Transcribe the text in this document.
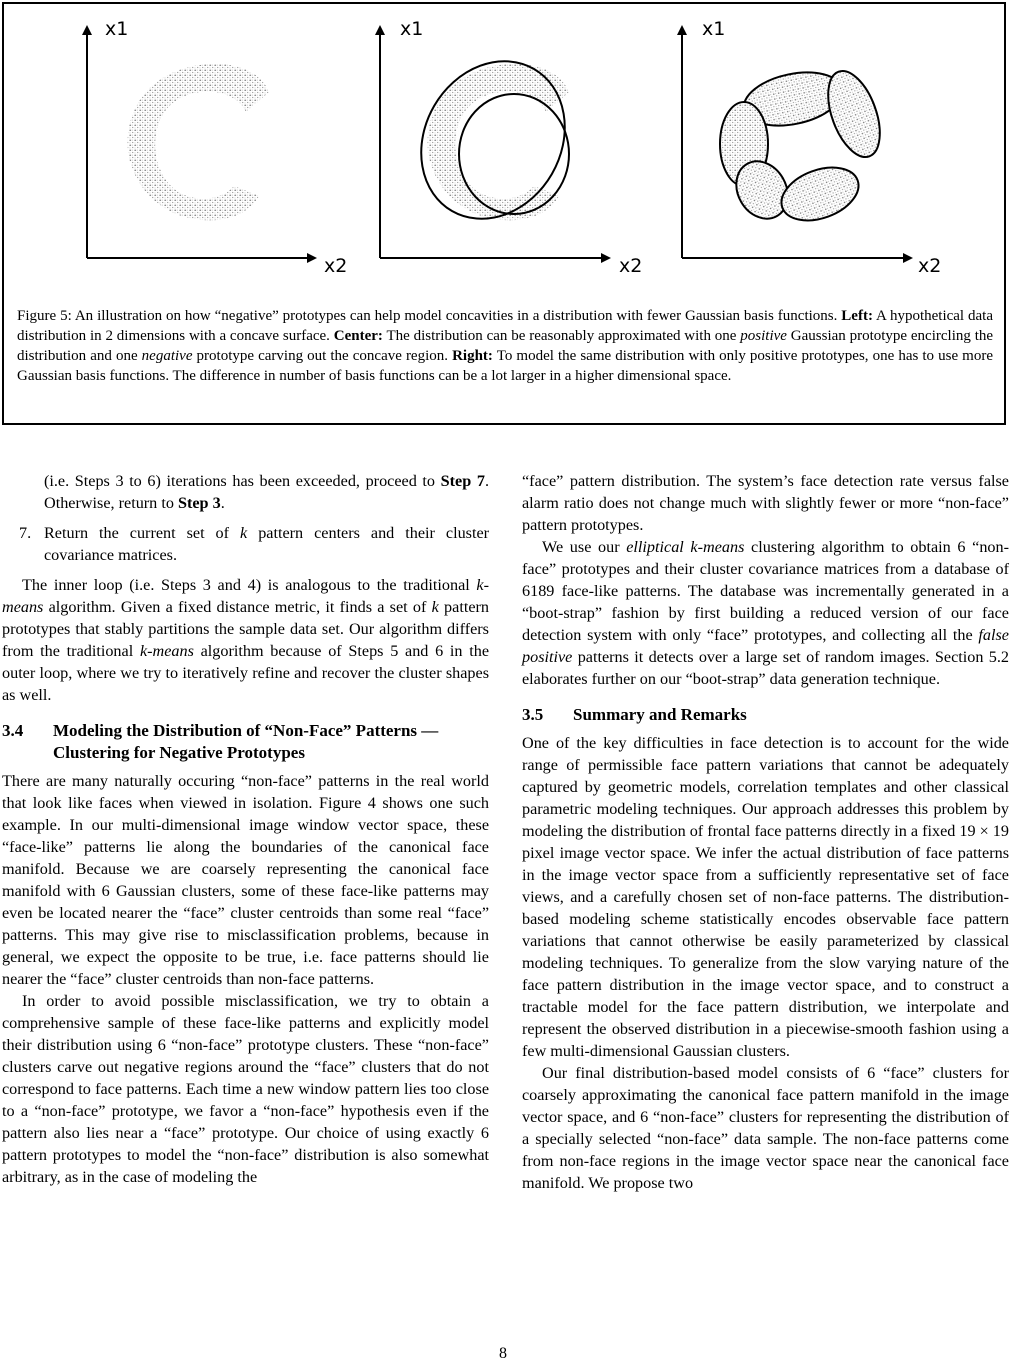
x1
x2
x1
x2
x1
x2

Figure 5: An illustration on how “negative” prototypes can help model concavities in a distribution with fewer Gaussian basis functions. Left: A hypothetical data distribution in 2 dimensions with a concave surface. Center: The distribution can be reasonably approximated with one positive Gaussian prototype encircling the distribution and one negative prototype carving out the concave region. Right: To model the same distribution with only positive prototypes, one has to use more Gaussian basis functions. The difference in number of basis functions can be a lot larger in a higher dimensional space.

(i.e. Steps 3 to 6) iterations has been exceeded, proceed to Step 7. Otherwise, return to Step 3.

7. Return the current set of k pattern centers and their cluster covariance matrices.

The inner loop (i.e. Steps 3 and 4) is analogous to the traditional k-means algorithm. Given a fixed distance metric, it finds a set of k pattern prototypes that stably partitions the sample data set. Our algorithm differs from the traditional k-means algorithm because of Steps 5 and 6 in the outer loop, where we try to iteratively refine and recover the cluster shapes as well.

3.4	Modeling the Distribution of “Non-Face” Patterns — Clustering for Negative Prototypes

There are many naturally occuring “non-face” patterns in the real world that look like faces when viewed in isolation. Figure 4 shows one such example. In our multi-dimensional image window vector space, these “face-like” patterns lie along the boundaries of the canonical face manifold. Because we are coarsely representing the canonical face manifold with 6 Gaussian clusters, some of these face-like patterns may even be located nearer the “face” cluster centroids than some real “face” patterns. This may give rise to misclassification problems, because in general, we expect the opposite to be true, i.e. face patterns should lie nearer the “face” cluster centroids than non-face patterns.

In order to avoid possible misclassification, we try to obtain a comprehensive sample of these face-like patterns and explicitly model their distribution using 6 “non-face” prototype clusters. These “non-face” clusters carve out negative regions around the “face” clusters that do not correspond to face patterns. Each time a new window pattern lies too close to a “non-face” prototype, we favor a “non-face” hypothesis even if the pattern also lies near a “face” prototype. Our choice of using exactly 6 pattern prototypes to model the “non-face” distribution is also somewhat arbitrary, as in the case of modeling the

“face” pattern distribution. The system’s face detection rate versus false alarm ratio does not change much with slightly fewer or more “non-face” pattern prototypes.

We use our elliptical k-means clustering algorithm to obtain 6 “non-face” prototypes and their cluster covariance matrices from a database of 6189 face-like patterns. The database was incrementally generated in a “boot-strap” fashion by first building a reduced version of our face detection system with only “face” prototypes, and collecting all the false positive patterns it detects over a large set of random images. Section 5.2 elaborates further on our “boot-strap” data generation technique.

3.5	Summary and Remarks

One of the key difficulties in face detection is to account for the wide range of permissible face pattern variations that cannot be adequately captured by geometric models, correlation templates and other classical parametric modeling techniques. Our approach addresses this problem by modeling the distribution of frontal face patterns directly in a fixed 19 × 19 pixel image vector space. We infer the actual distribution of face patterns in the image vector space from a sufficiently representative set of face views, and a carefully chosen set of non-face patterns. The distribution-based modeling scheme statistically encodes observable face pattern variations that cannot otherwise be easily parameterized by classical modeling techniques. To generalize from the slow varying nature of the face pattern distribution in the image vector space, and to construct a tractable model for the face pattern distribution, we interpolate and represent the observed distribution in a piecewise-smooth fashion using a few multi-dimensional Gaussian clusters.

Our final distribution-based model consists of 6 “face” clusters for coarsely approximating the canonical face pattern manifold in the image vector space, and 6 “non-face” clusters for representing the distribution of a specially selected “non-face” data sample. The non-face patterns come from non-face regions in the image vector space near the canonical face manifold. We propose two

8
